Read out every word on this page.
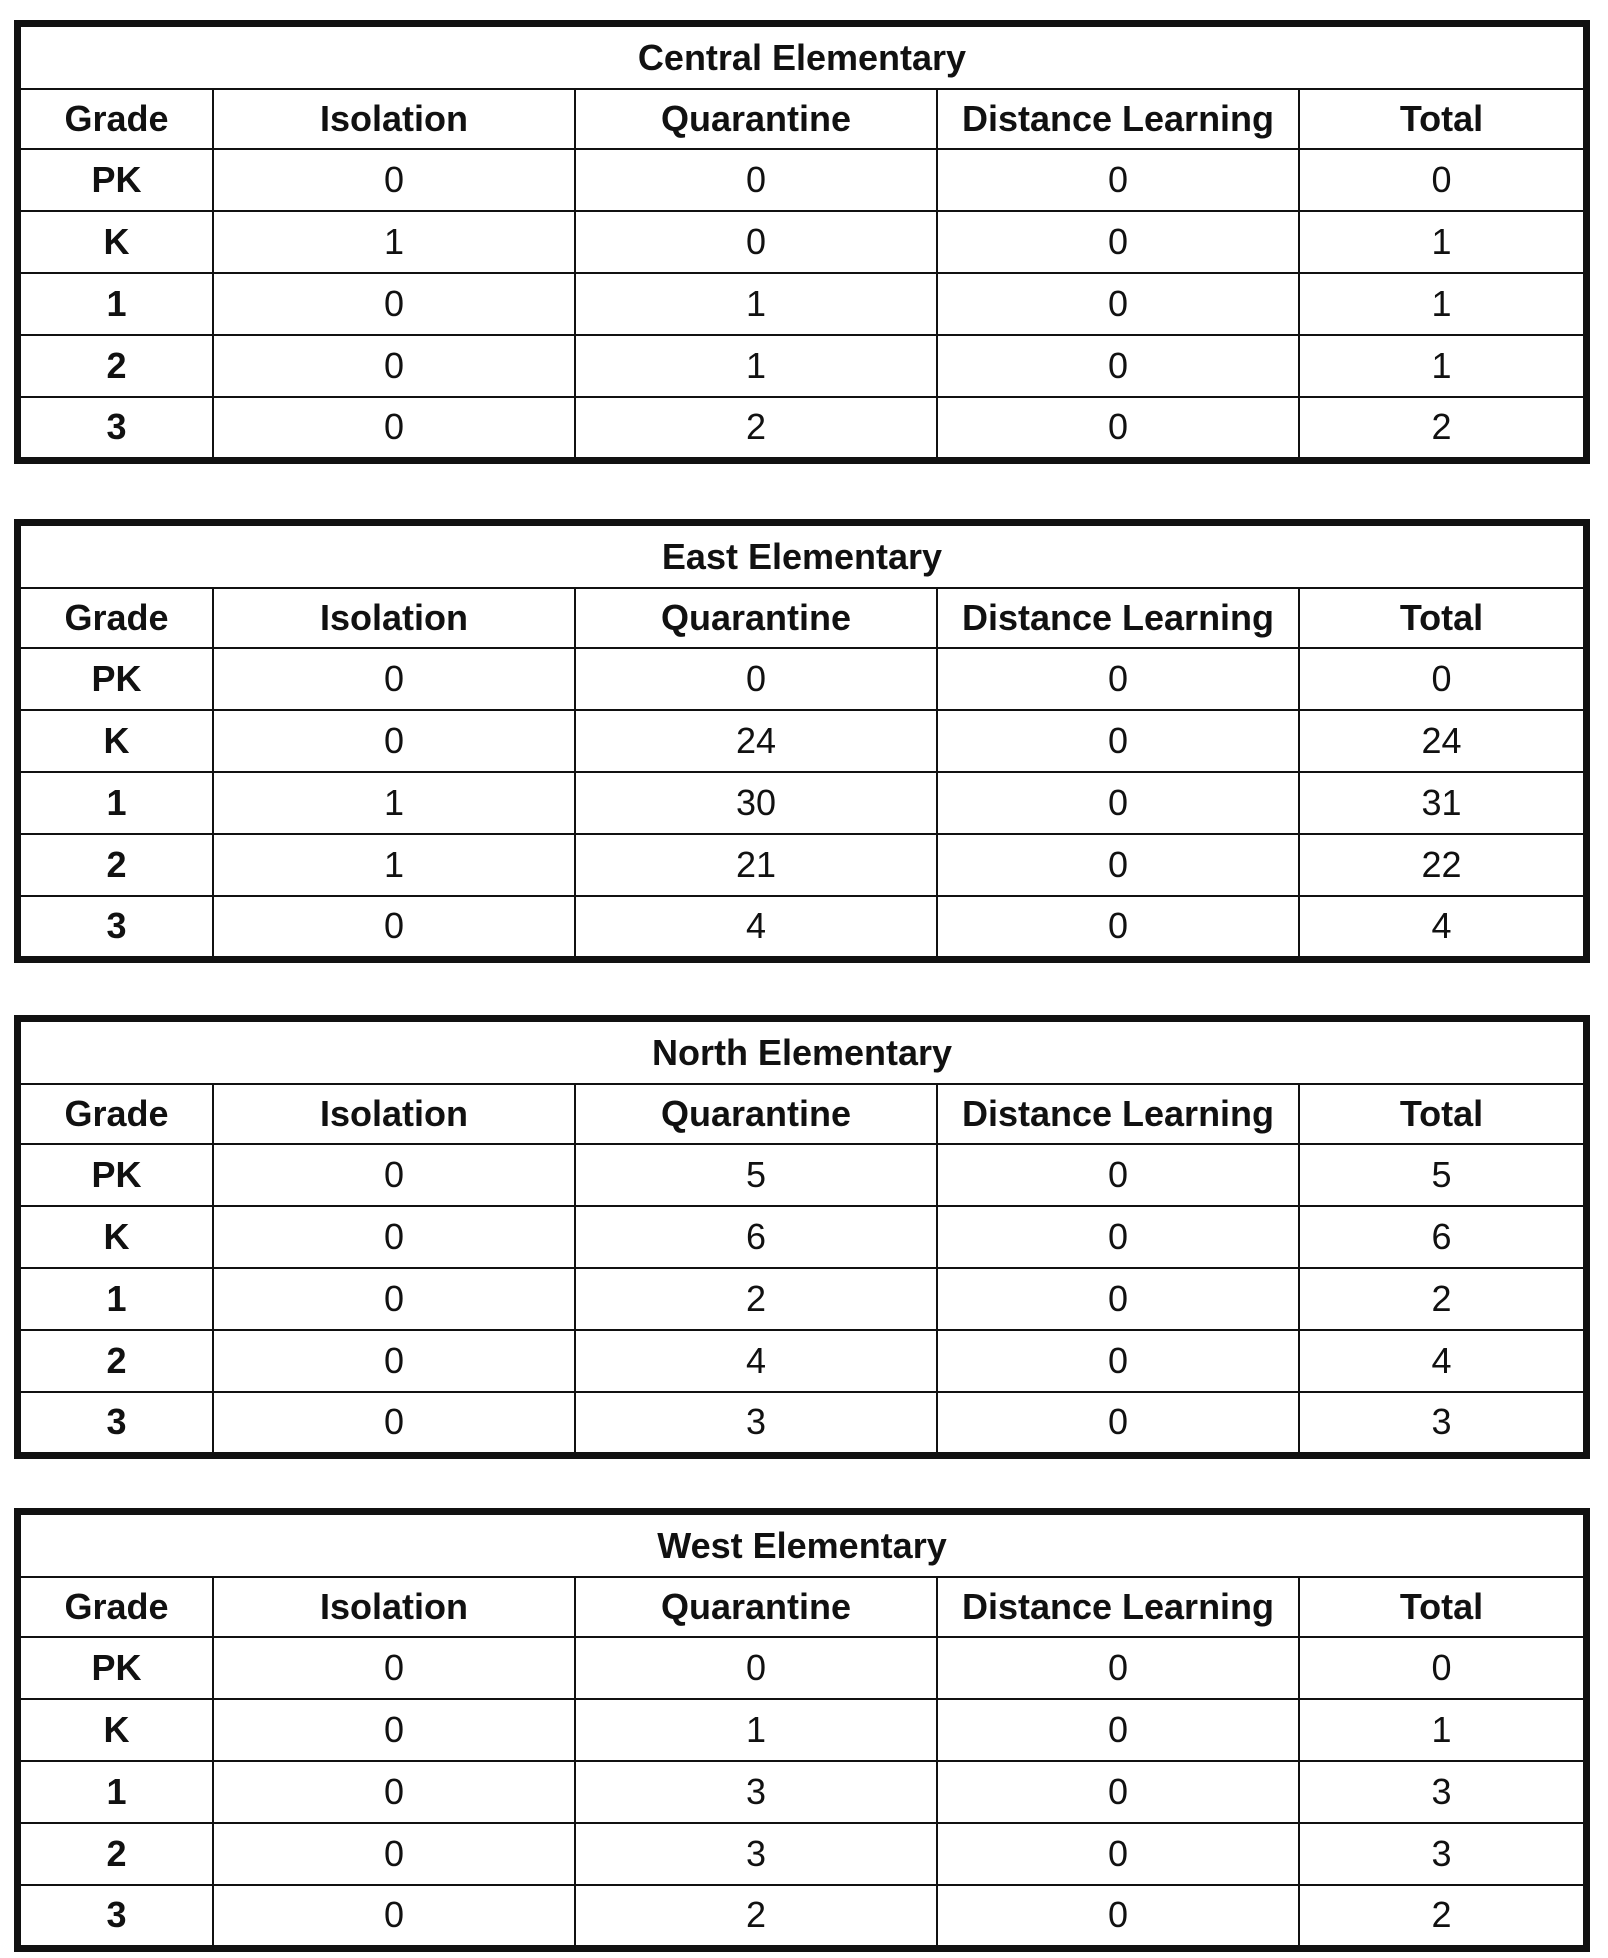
Central Elementary				
Grade	Isolation	Quarantine	Distance Learning	Total
PK	0	0	0	0
K	1	0	0	1
1	0	1	0	1
2	0	1	0	1
3	0	2	0	2
East Elementary				
Grade	Isolation	Quarantine	Distance Learning	Total
PK	0	0	0	0
K	0	24	0	24
1	1	30	0	31
2	1	21	0	22
3	0	4	0	4
North Elementary				
Grade	Isolation	Quarantine	Distance Learning	Total
PK	0	5	0	5
K	0	6	0	6
1	0	2	0	2
2	0	4	0	4
3	0	3	0	3
West Elementary				
Grade	Isolation	Quarantine	Distance Learning	Total
PK	0	0	0	0
K	0	1	0	1
1	0	3	0	3
2	0	3	0	3
3	0	2	0	2
